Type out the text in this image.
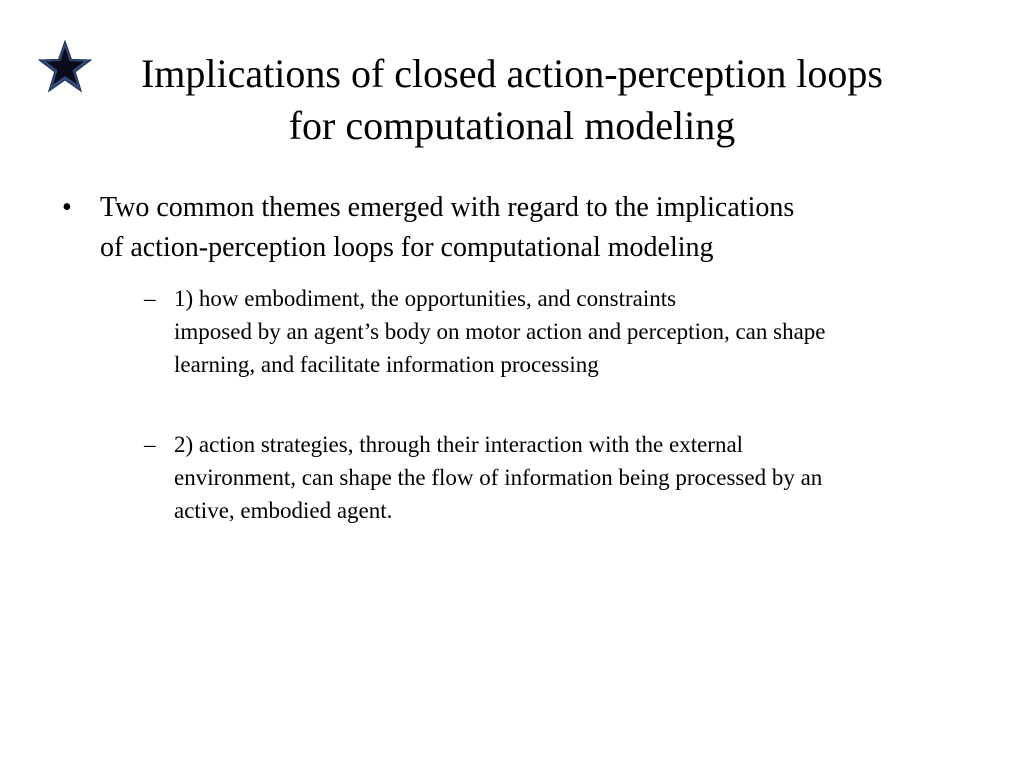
Implications of closed action-perception loops
for computational modeling
• Two common themes emerged with regard to the implications
of action-perception loops for computational modeling
– 1) how embodiment, the opportunities, and constraints
imposed by an agent’s body on motor action and perception, can shape
learning, and facilitate information processing
– 2) action strategies, through their interaction with the external
environment, can shape the flow of information being processed by an
active, embodied agent.
